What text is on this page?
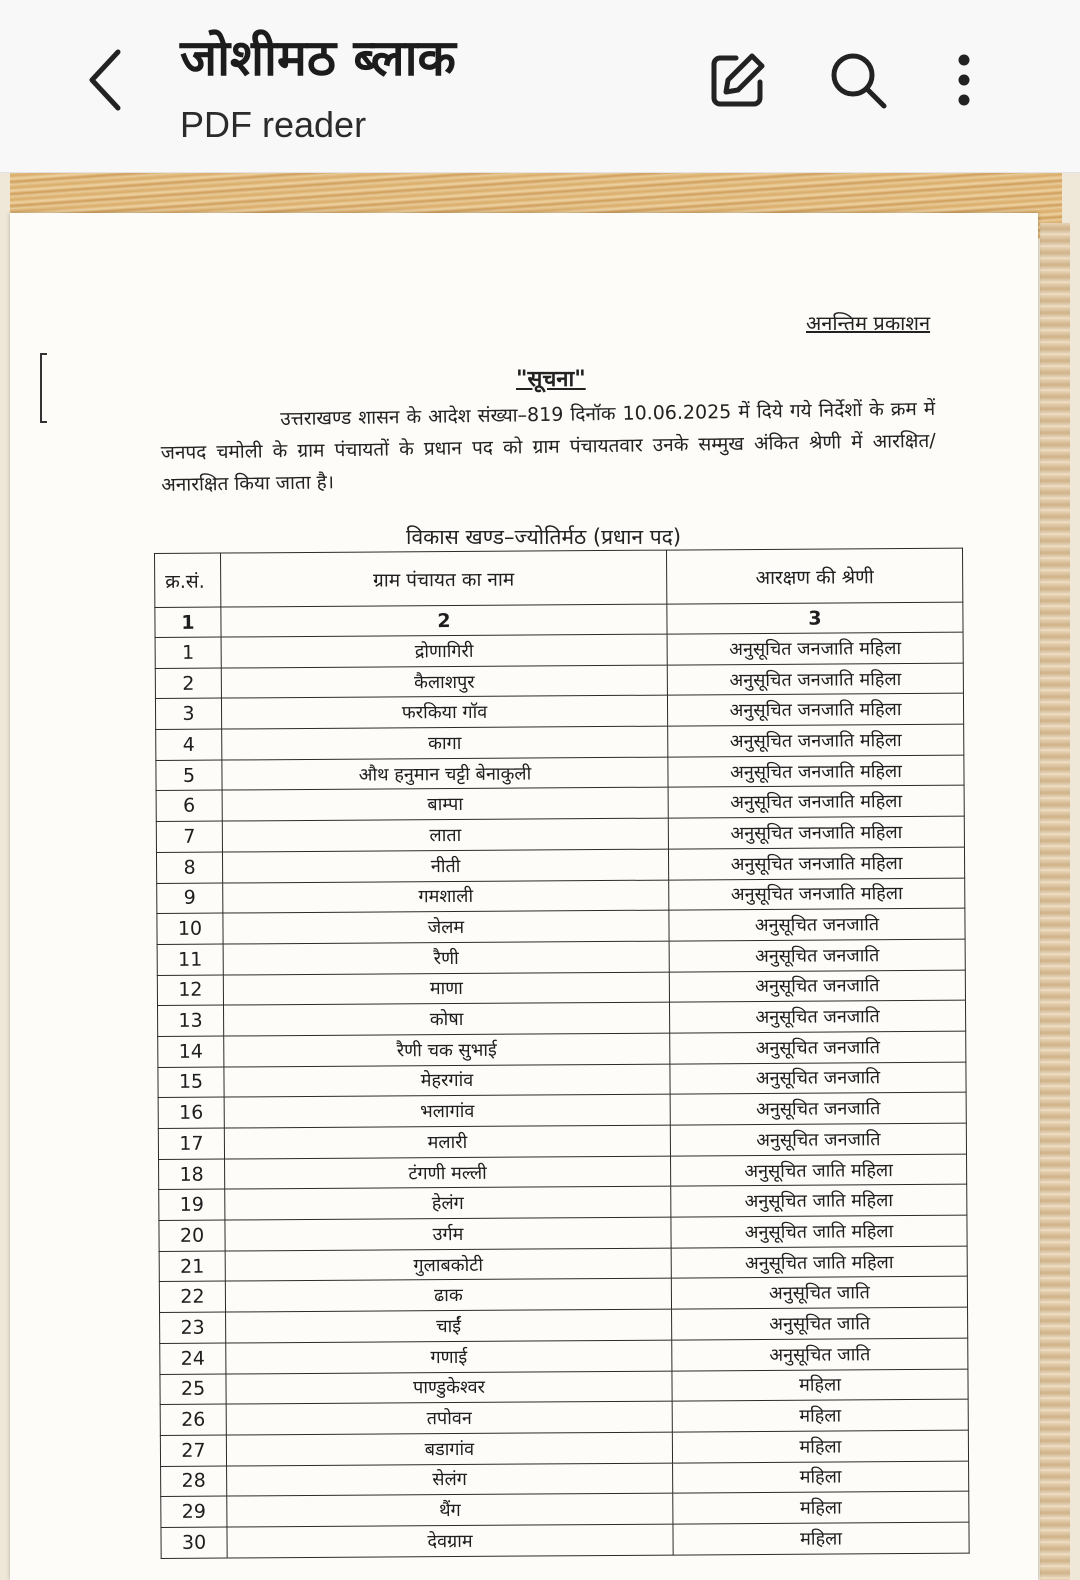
जोशीमठ ब्लाक
PDF reader
अनन्तिम प्रकाशन
"सूचना"
उत्तराखण्ड शासन के आदेश संख्या–819 दिनॉक 10.06.2025 में दिये गये निर्देशों के क्रम में जनपद चमोली के ग्राम पंचायतों के प्रधान पद को ग्राम पंचायतवार उनके सम्मुख अंकित श्रेणी में आरक्षित/अनारक्षित किया जाता है।
विकास खण्ड–ज्योतिर्मठ (प्रधान पद)
क्र.सं.	ग्राम पंचायत का नाम	आरक्षण की श्रेणी
1	2	3
1	द्रोणागिरी	अनुसूचित जनजाति महिला
2	कैलाशपुर	अनुसूचित जनजाति महिला
3	फरकिया गॉव	अनुसूचित जनजाति महिला
4	कागा	अनुसूचित जनजाति महिला
5	औथ हनुमान चट्टी बेनाकुली	अनुसूचित जनजाति महिला
6	बाम्पा	अनुसूचित जनजाति महिला
7	लाता	अनुसूचित जनजाति महिला
8	नीती	अनुसूचित जनजाति महिला
9	गमशाली	अनुसूचित जनजाति महिला
10	जेलम	अनुसूचित जनजाति
11	रैणी	अनुसूचित जनजाति
12	माणा	अनुसूचित जनजाति
13	कोषा	अनुसूचित जनजाति
14	रैणी चक सुभाई	अनुसूचित जनजाति
15	मेहरगांव	अनुसूचित जनजाति
16	भलागांव	अनुसूचित जनजाति
17	मलारी	अनुसूचित जनजाति
18	टंगणी मल्ली	अनुसूचित जाति महिला
19	हेलंग	अनुसूचित जाति महिला
20	उर्गम	अनुसूचित जाति महिला
21	गुलाबकोटी	अनुसूचित जाति महिला
22	ढाक	अनुसूचित जाति
23	चाईं	अनुसूचित जाति
24	गणाई	अनुसूचित जाति
25	पाण्डुकेश्वर	महिला
26	तपोवन	महिला
27	बडागांव	महिला
28	सेलंग	महिला
29	थैंग	महिला
30	देवग्राम	महिला
